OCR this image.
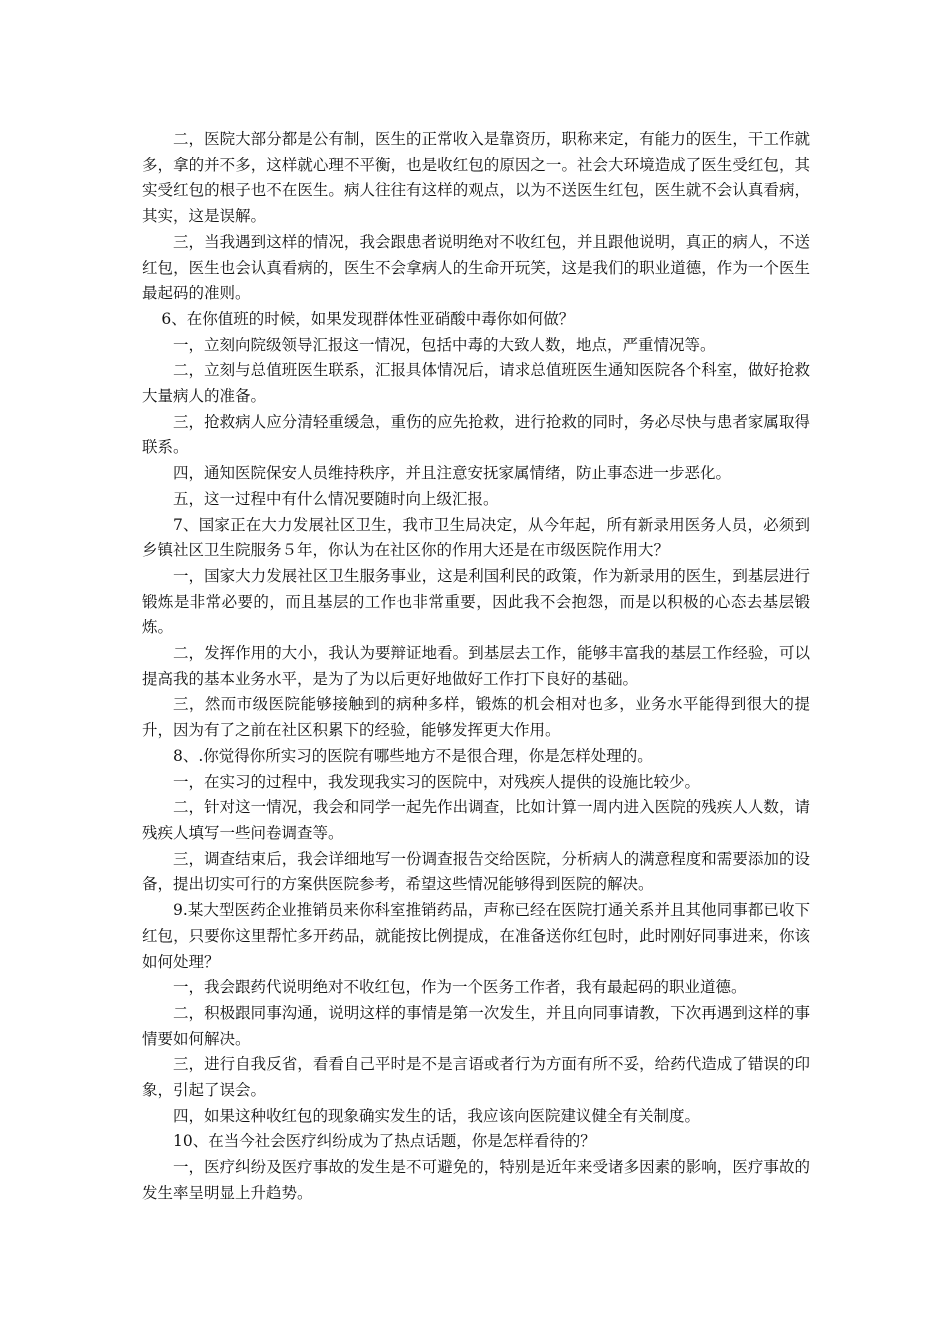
二，医院大部分都是公有制，医生的正常收入是靠资历，职称来定，有能力的医生，干工作就多，拿的并不多，这样就心理不平衡，也是收红包的原因之一。社会大环境造成了医生受红包，其实受红包的根子也不在医生。病人往往有这样的观点，以为不送医生红包，医生就不会认真看病，其实，这是误解。

三，当我遇到这样的情况，我会跟患者说明绝对不收红包，并且跟他说明，真正的病人，不送红包，医生也会认真看病的，医生不会拿病人的生命开玩笑，这是我们的职业道德，作为一个医生最起码的准则。

6、在你值班的时候，如果发现群体性亚硝酸中毒你如何做？

一，立刻向院级领导汇报这一情况，包括中毒的大致人数，地点，严重情况等。

二，立刻与总值班医生联系，汇报具体情况后，请求总值班医生通知医院各个科室，做好抢救大量病人的准备。

三，抢救病人应分清轻重缓急，重伤的应先抢救，进行抢救的同时，务必尽快与患者家属取得联系。

四，通知医院保安人员维持秩序，并且注意安抚家属情绪，防止事态进一步恶化。

五，这一过程中有什么情况要随时向上级汇报。

7、国家正在大力发展社区卫生，我市卫生局决定，从今年起，所有新录用医务人员，必须到乡镇社区卫生院服务５年，你认为在社区你的作用大还是在市级医院作用大？

一，国家大力发展社区卫生服务事业，这是利国利民的政策，作为新录用的医生，到基层进行锻炼是非常必要的，而且基层的工作也非常重要，因此我不会抱怨，而是以积极的心态去基层锻炼。

二，发挥作用的大小，我认为要辩证地看。到基层去工作，能够丰富我的基层工作经验，可以提高我的基本业务水平，是为了为以后更好地做好工作打下良好的基础。

三，然而市级医院能够接触到的病种多样，锻炼的机会相对也多，业务水平能得到很大的提升，因为有了之前在社区积累下的经验，能够发挥更大作用。

8、.你觉得你所实习的医院有哪些地方不是很合理，你是怎样处理的。

一，在实习的过程中，我发现我实习的医院中，对残疾人提供的设施比较少。

二，针对这一情况，我会和同学一起先作出调查，比如计算一周内进入医院的残疾人人数，请残疾人填写一些问卷调查等。

三，调查结束后，我会详细地写一份调查报告交给医院，分析病人的满意程度和需要添加的设备，提出切实可行的方案供医院参考，希望这些情况能够得到医院的解决。

9.某大型医药企业推销员来你科室推销药品，声称已经在医院打通关系并且其他同事都已收下红包，只要你这里帮忙多开药品，就能按比例提成，在准备送你红包时，此时刚好同事进来，你该如何处理？

一，我会跟药代说明绝对不收红包，作为一个医务工作者，我有最起码的职业道德。

二，积极跟同事沟通，说明这样的事情是第一次发生，并且向同事请教，下次再遇到这样的事情要如何解决。

三，进行自我反省，看看自己平时是不是言语或者行为方面有所不妥，给药代造成了错误的印象，引起了误会。

四，如果这种收红包的现象确实发生的话，我应该向医院建议健全有关制度。

10、在当今社会医疗纠纷成为了热点话题，你是怎样看待的？

一，医疗纠纷及医疗事故的发生是不可避免的，特别是近年来受诸多因素的影响，医疗事故的发生率呈明显上升趋势。
